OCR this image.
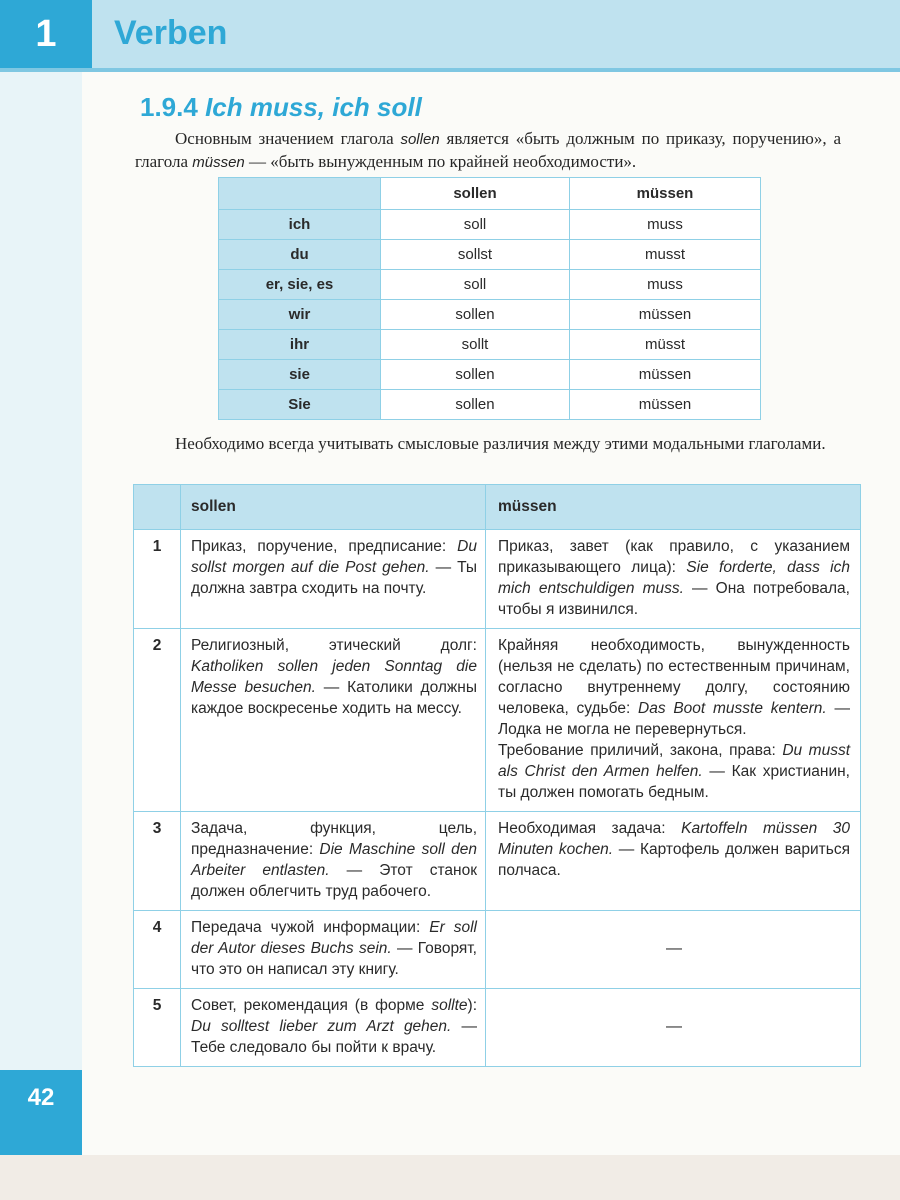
1	Verben
1.9.4 Ich muss, ich soll
Основным значением глагола sollen является «быть должным по приказу, поручению», а глагола müssen — «быть вынужденным по крайней необходимости».
	sollen	müssen
ich	soll	muss
du	sollst	musst
er, sie, es	soll	muss
wir	sollen	müssen
ihr	sollt	müsst
sie	sollen	müssen
Sie	sollen	müssen
Необходимо всегда учитывать смысловые различия между этими модальными глаголами.
	sollen	müssen
1	Приказ, поручение, предписание: Du sollst morgen auf die Post gehen. — Ты должна завтра сходить на почту.	Приказ, завет (как правило, с указанием приказывающего лица): Sie forderte, dass ich mich entschuldigen muss. — Она потребовала, чтобы я извинился.
2	Религиозный, этический долг: Katholiken sollen jeden Sonntag die Messe besuchen. — Католики должны каждое воскресенье ходить на мессу.	Крайняя необходимость, вынужденность (нельзя не сделать) по естественным причинам, согласно внутреннему долгу, состоянию человека, судьбе: Das Boot musste kentern. — Лодка не могла не перевернуться.

Требование приличий, закона, права: Du musst als Christ den Armen helfen. — Как христианин, ты должен помогать бедным.

3	Задача, функция, цель, предназначение: Die Maschine soll den Arbeiter entlasten. — Этот станок должен облегчить труд рабочего.	Необходимая задача: Kartoffeln müssen 30 Minuten kochen. — Картофель должен вариться полчаса.
4	Передача чужой информации: Er soll der Autor dieses Buchs sein. — Говорят, что это он написал эту книгу.	—
5	Совет, рекомендация (в форме sollte): Du solltest lieber zum Arzt gehen. — Тебе следовало бы пойти к врачу.	—
42
